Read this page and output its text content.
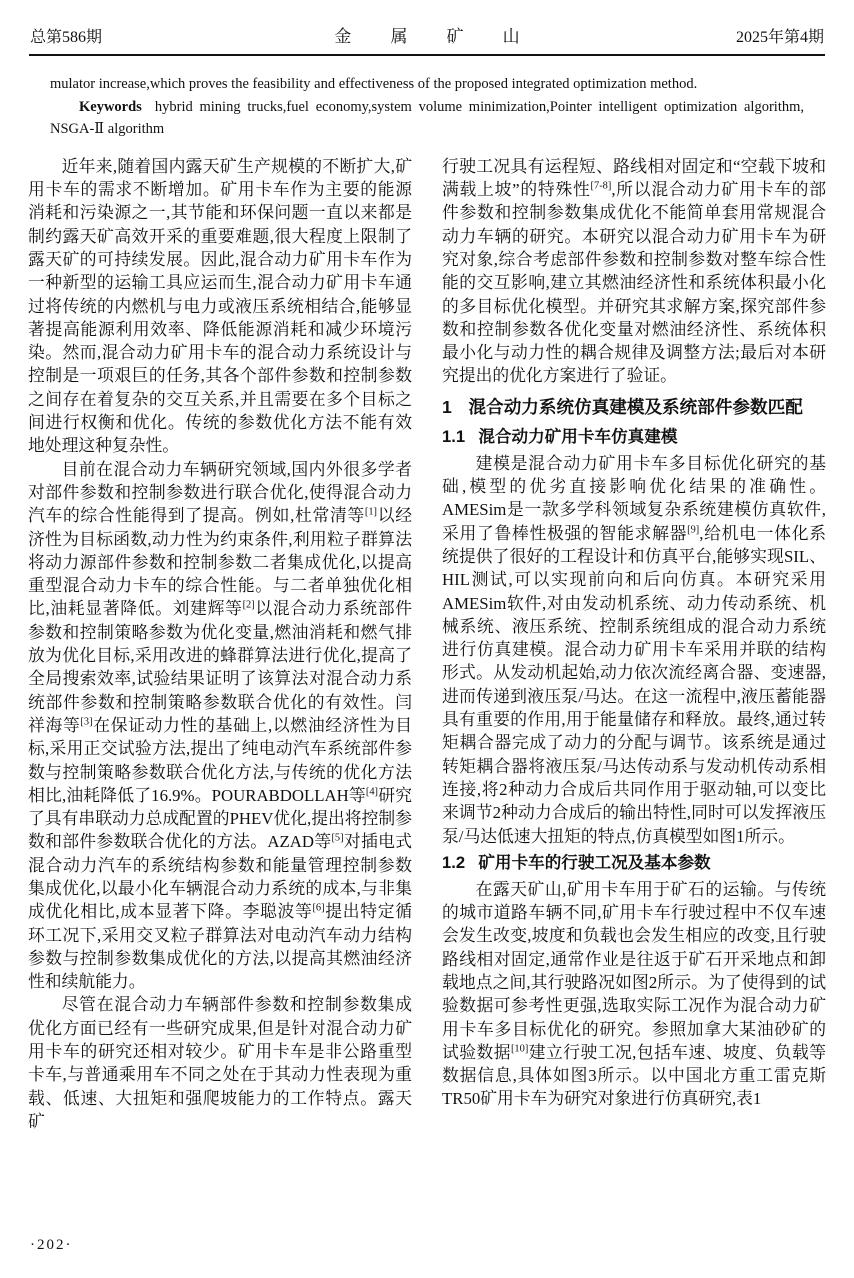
总第586期	金属矿山	2025年第4期

mulator increase,which proves the feasibility and effectiveness of the proposed integrated optimization method.

Keywords hybrid mining trucks,fuel economy,system volume minimization,Pointer intelligent optimization algorithm, NSGA-Ⅱ algorithm

近年来,随着国内露天矿生产规模的不断扩大,矿用卡车的需求不断增加。矿用卡车作为主要的能源消耗和污染源之一,其节能和环保问题一直以来都是制约露天矿高效开采的重要难题,很大程度上限制了露天矿的可持续发展。因此,混合动力矿用卡车作为一种新型的运输工具应运而生,混合动力矿用卡车通过将传统的内燃机与电力或液压系统相结合,能够显著提高能源利用效率、降低能源消耗和减少环境污染。然而,混合动力矿用卡车的混合动力系统设计与控制是一项艰巨的任务,其各个部件参数和控制参数之间存在着复杂的交互关系,并且需要在多个目标之间进行权衡和优化。传统的参数优化方法不能有效地处理这种复杂性。

目前在混合动力车辆研究领域,国内外很多学者对部件参数和控制参数进行联合优化,使得混合动力汽车的综合性能得到了提高。例如,杜常清等[1]以经济性为目标函数,动力性为约束条件,利用粒子群算法将动力源部件参数和控制参数二者集成优化,以提高重型混合动力卡车的综合性能。与二者单独优化相比,油耗显著降低。刘建辉等[2]以混合动力系统部件参数和控制策略参数为优化变量,燃油消耗和燃气排放为优化目标,采用改进的蜂群算法进行优化,提高了全局搜索效率,试验结果证明了该算法对混合动力系统部件参数和控制策略参数联合优化的有效性。闫祥海等[3]在保证动力性的基础上,以燃油经济性为目标,采用正交试验方法,提出了纯电动汽车系统部件参数与控制策略参数联合优化方法,与传统的优化方法相比,油耗降低了16.9%。POURABDOLLAH等[4]研究了具有串联动力总成配置的PHEV优化,提出将控制参数和部件参数联合优化的方法。AZAD等[5]对插电式混合动力汽车的系统结构参数和能量管理控制参数集成优化,以最小化车辆混合动力系统的成本,与非集成优化相比,成本显著下降。李聪波等[6]提出特定循环工况下,采用交叉粒子群算法对电动汽车动力结构参数与控制参数集成优化的方法,以提高其燃油经济性和续航能力。

尽管在混合动力车辆部件参数和控制参数集成优化方面已经有一些研究成果,但是针对混合动力矿用卡车的研究还相对较少。矿用卡车是非公路重型卡车,与普通乘用车不同之处在于其动力性表现为重载、低速、大扭矩和强爬坡能力的工作特点。露天矿

行驶工况具有运程短、路线相对固定和“空载下坡和满载上坡”的特殊性[7-8],所以混合动力矿用卡车的部件参数和控制参数集成优化不能简单套用常规混合动力车辆的研究。本研究以混合动力矿用卡车为研究对象,综合考虑部件参数和控制参数对整车综合性能的交互影响,建立其燃油经济性和系统体积最小化的多目标优化模型。并研究其求解方案,探究部件参数和控制参数各优化变量对燃油经济性、系统体积最小化与动力性的耦合规律及调整方法;最后对本研究提出的优化方案进行了验证。

1 混合动力系统仿真建模及系统部件参数匹配
1.1 混合动力矿用卡车仿真建模

建模是混合动力矿用卡车多目标优化研究的基础,模型的优劣直接影响优化结果的准确性。AMESim是一款多学科领域复杂系统建模仿真软件,采用了鲁棒性极强的智能求解器[9],给机电一体化系统提供了很好的工程设计和仿真平台,能够实现SIL、HIL测试,可以实现前向和后向仿真。本研究采用AMESim软件,对由发动机系统、动力传动系统、机械系统、液压系统、控制系统组成的混合动力系统进行仿真建模。混合动力矿用卡车采用并联的结构形式。从发动机起始,动力依次流经离合器、变速器,进而传递到液压泵/马达。在这一流程中,液压蓄能器具有重要的作用,用于能量储存和释放。最终,通过转矩耦合器完成了动力的分配与调节。该系统是通过转矩耦合器将液压泵/马达传动系与发动机传动系相连接,将2种动力合成后共同作用于驱动轴,可以变比来调节2种动力合成后的输出特性,同时可以发挥液压泵/马达低速大扭矩的特点,仿真模型如图1所示。

1.2 矿用卡车的行驶工况及基本参数

在露天矿山,矿用卡车用于矿石的运输。与传统的城市道路车辆不同,矿用卡车行驶过程中不仅车速会发生改变,坡度和负载也会发生相应的改变,且行驶路线相对固定,通常作业是往返于矿石开采地点和卸载地点之间,其行驶路况如图2所示。为了使得到的试验数据可参考性更强,选取实际工况作为混合动力矿用卡车多目标优化的研究。参照加拿大某油砂矿的试验数据[10]建立行驶工况,包括车速、坡度、负载等数据信息,具体如图3所示。以中国北方重工雷克斯TR50矿用卡车为研究对象进行仿真研究,表1

·202·
